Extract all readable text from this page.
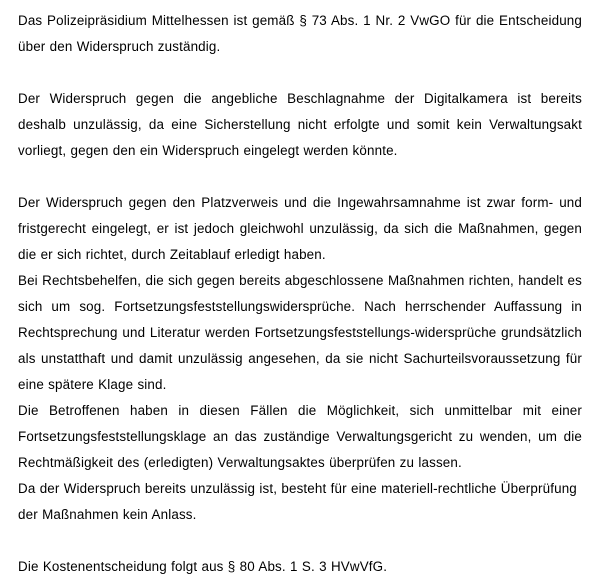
Das Polizeipräsidium Mittelhessen ist gemäß § 73 Abs. 1 Nr. 2 VwGO für die Entscheidung über den Widerspruch zuständig.

Der Widerspruch gegen die angebliche Beschlagnahme der Digitalkamera ist bereits deshalb unzulässig, da eine Sicherstellung nicht erfolgte und somit kein Verwaltungsakt vorliegt, gegen den ein Widerspruch eingelegt werden könnte.

Der Widerspruch gegen den Platzverweis und die Ingewahrsamnahme ist zwar form- und fristgerecht eingelegt, er ist jedoch gleichwohl unzulässig, da sich die Maßnahmen, gegen die er sich richtet, durch Zeitablauf erledigt haben.

Bei Rechtsbehelfen, die sich gegen bereits abgeschlossene Maßnahmen richten, handelt es sich um sog. Fortsetzungsfeststellungswidersprüche. Nach herrschender Auffassung in Rechtsprechung und Literatur werden Fortsetzungsfeststellungs-widersprüche grundsätzlich als unstatthaft und damit unzulässig angesehen, da sie nicht Sachurteilsvoraussetzung für eine spätere Klage sind.

Die Betroffenen haben in diesen Fällen die Möglichkeit, sich unmittelbar mit einer Fortsetzungsfeststellungsklage an das zuständige Verwaltungsgericht zu wenden, um die Rechtmäßigkeit des (erledigten) Verwaltungsaktes überprüfen zu lassen.

Da der Widerspruch bereits unzulässig ist, besteht für eine materiell-rechtliche Überprüfung der Maßnahmen kein Anlass.

Die Kostenentscheidung folgt aus § 80 Abs. 1 S. 3 HVwVfG.
